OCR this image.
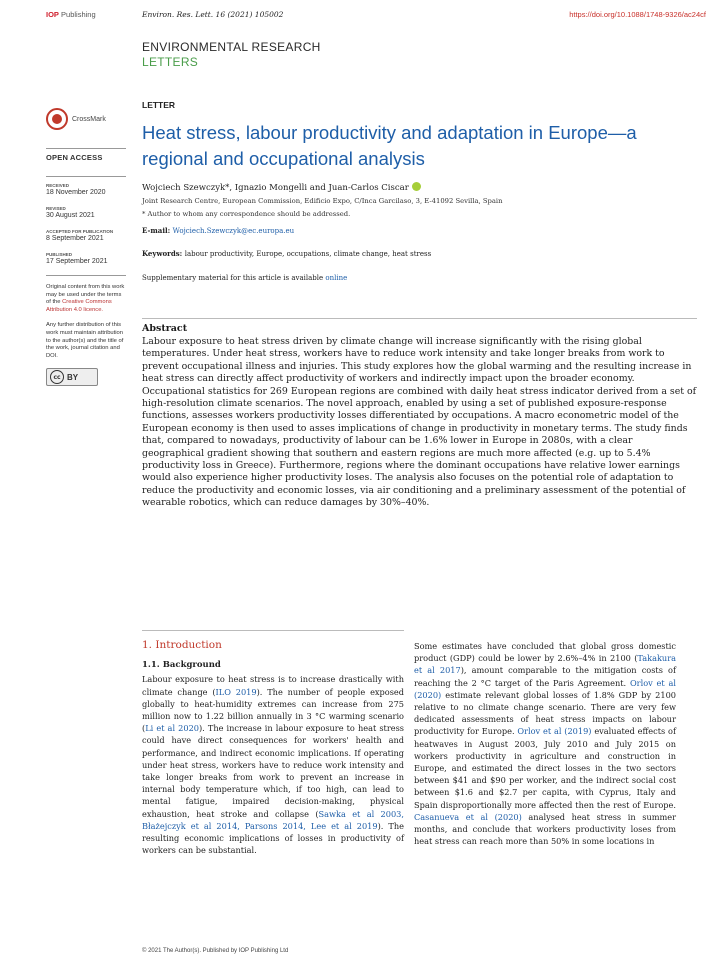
IOP Publishing	Environ. Res. Lett. 16 (2021) 105002	https://doi.org/10.1088/1748-9326/ac24cf
ENVIRONMENTAL RESEARCH
LETTERS
CrossMark
OPEN ACCESS
RECEIVED
18 November 2020
REVISED
30 August 2021
ACCEPTED FOR PUBLICATION
8 September 2021
PUBLISHED
17 September 2021

Original content from this work may be used under the terms of the Creative Commons Attribution 4.0 licence.

Any further distribution of this work must maintain attribution to the author(s) and the title of the work, journal citation and DOI.

cc BY
LETTER
Heat stress, labour productivity and adaptation in Europe—a regional and occupational analysis
Wojciech Szewczyk*, Ignazio Mongelli and Juan-Carlos Ciscar
Joint Research Centre, European Commission, Edificio Expo, C/Inca Garcilaso, 3, E-41092 Sevilla, Spain
* Author to whom any correspondence should be addressed.
E-mail: Wojciech.Szewczyk@ec.europa.eu
Keywords: labour productivity, Europe, occupations, climate change, heat stress
Supplementary material for this article is available online
Abstract

Labour exposure to heat stress driven by climate change will increase significantly with the rising global temperatures. Under heat stress, workers have to reduce work intensity and take longer breaks from work to prevent occupational illness and injuries. This study explores how the global warming and the resulting increase in heat stress can directly affect productivity of workers and indirectly impact upon the broader economy. Occupational statistics for 269 European regions are combined with daily heat stress indicator derived from a set of high-resolution climate scenarios. The novel approach, enabled by using a set of published exposure-response functions, assesses workers productivity losses differentiated by occupations. A macro econometric model of the European economy is then used to asses implications of change in productivity in monetary terms. The study finds that, compared to nowadays, productivity of labour can be 1.6% lower in Europe in 2080s, with a clear geographical gradient showing that southern and eastern regions are much more affected (e.g. up to 5.4% productivity loss in Greece). Furthermore, regions where the dominant occupations have relative lower earnings would also experience higher productivity loses. The analysis also focuses on the potential role of adaptation to reduce the productivity and economic losses, via air conditioning and a preliminary assessment of the potential of wearable robotics, which can reduce damages by 30%–40%.

1. Introduction
1.1. Background

Labour exposure to heat stress is to increase drastically with climate change (ILO 2019). The number of people exposed globally to heat-humidity extremes can increase from 275 million now to 1.22 billion annually in 3 °C warming scenario (Li et al 2020). The increase in labour exposure to heat stress could have direct consequences for workers' health and performance, and indirect economic implications. If operating under heat stress, workers have to reduce work intensity and take longer breaks from work to prevent an increase in internal body temperature which, if too high, can lead to mental fatigue, impaired decision-making, physical exhaustion, heat stroke and collapse (Sawka et al 2003, Błażejczyk et al 2014, Parsons 2014, Lee et al 2019). The resulting economic implications of losses in productivity of workers can be substantial.

Some estimates have concluded that global gross domestic product (GDP) could be lower by 2.6%–4% in 2100 (Takakura et al 2017), amount comparable to the mitigation costs of reaching the 2 °C target of the Paris Agreement. Orlov et al (2020) estimate relevant global losses of 1.8% GDP by 2100 relative to no climate change scenario. There are very few dedicated assessments of heat stress impacts on labour productivity for Europe. Orlov et al (2019) evaluated effects of heatwaves in August 2003, July 2010 and July 2015 on workers productivity in agriculture and construction in Europe, and estimated the direct losses in the two sectors between $41 and $90 per worker, and the indirect social cost between $1.6 and $2.7 per capita, with Cyprus, Italy and Spain disproportionally more affected then the rest of Europe. Casanueva et al (2020) analysed heat stress in summer months, and conclude that workers productivity loses from heat stress can reach more than 50% in some locations in

© 2021 The Author(s). Published by IOP Publishing Ltd
